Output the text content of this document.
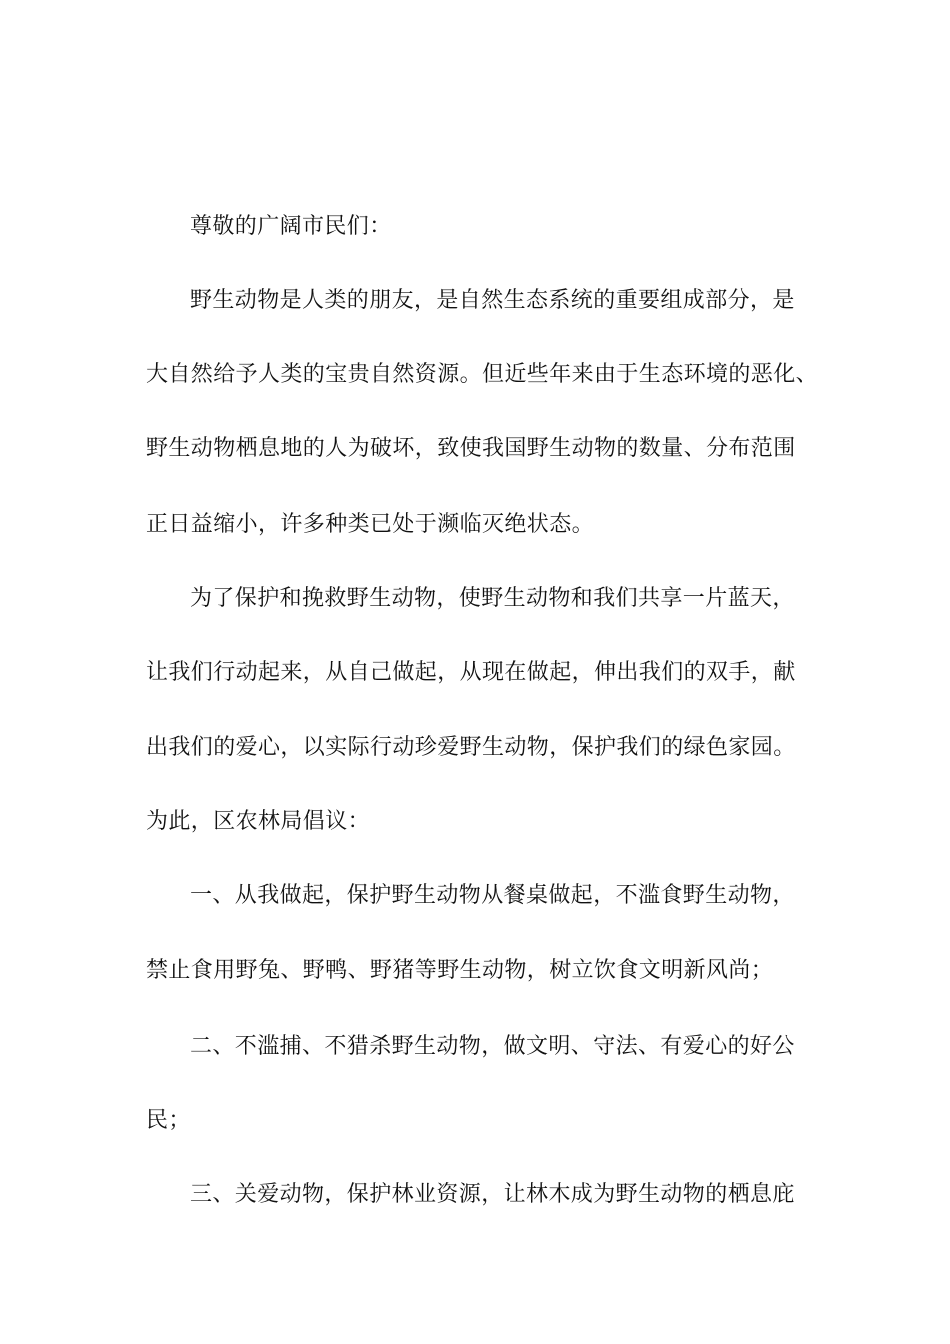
尊敬的广阔市民们：
野生动物是人类的朋友，是自然生态系统的重要组成部分，是
大自然给予人类的宝贵自然资源。但近些年来由于生态环境的恶化、
野生动物栖息地的人为破坏，致使我国野生动物的数量、分布范围
正日益缩小，许多种类已处于濒临灭绝状态。
为了保护和挽救野生动物，使野生动物和我们共享一片蓝天，
让我们行动起来，从自己做起，从现在做起，伸出我们的双手，献
出我们的爱心，以实际行动珍爱野生动物，保护我们的绿色家园。
为此，区农林局倡议：
一、从我做起，保护野生动物从餐桌做起，不滥食野生动物，
禁止食用野兔、野鸭、野猪等野生动物，树立饮食文明新风尚；
二、不滥捕、不猎杀野生动物，做文明、守法、有爱心的好公
民；
三、关爱动物，保护林业资源，让林木成为野生动物的栖息庇
